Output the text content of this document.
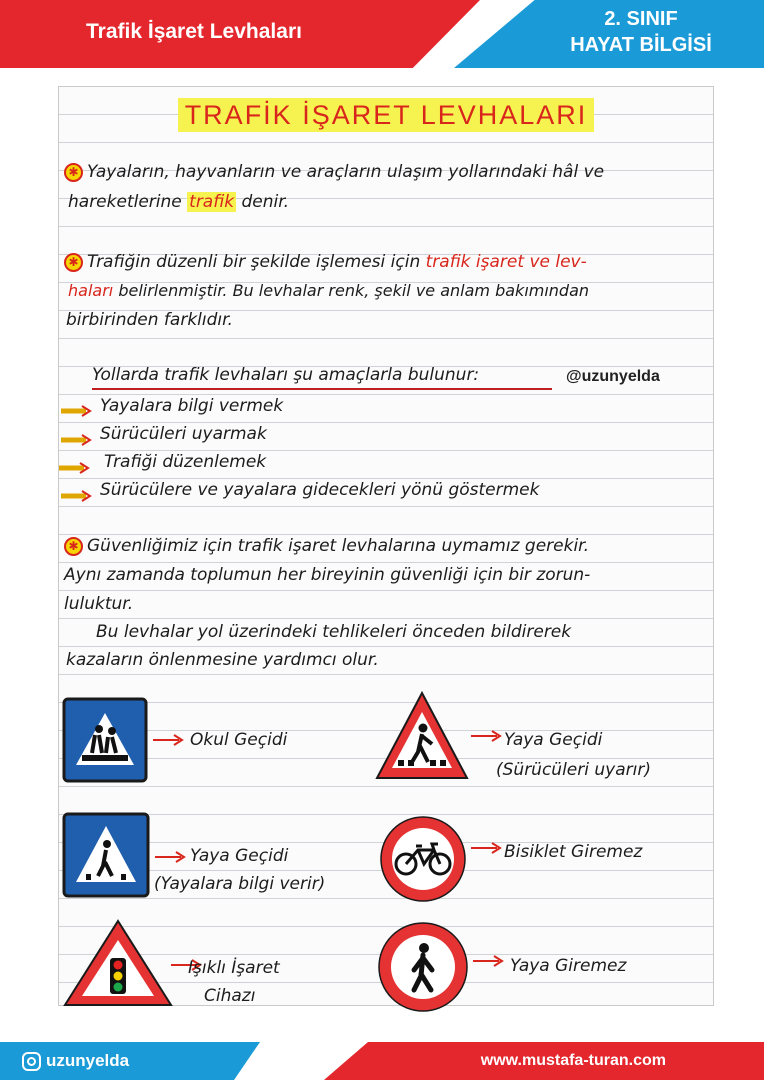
Trafik İşaret Levhaları
2. SINIF
HAYAT BİLGİSİ
TRAFİK İŞARET LEVHALARI
✱ Yayaların, hayvanların ve araçların ulaşım yollarındaki hâl ve
hareketlerine trafik denir.
✱ Trafiğin düzenli bir şekilde işlemesi için trafik işaret ve lev-
haları belirlenmiştir. Bu levhalar renk, şekil ve anlam bakımından
birbirinden farklıdır.
Yollarda trafik levhaları şu amaçlarla bulunur:	@uzunyelda
Yayalara bilgi vermek
Sürücüleri uyarmak
Trafiği düzenlemek
Sürücülere ve yayalara gidecekleri yönü göstermek
✱ Güvenliğimiz için trafik işaret levhalarına uymamız gerekir.
Aynı zamanda toplumun her bireyinin güvenliği için bir zorun-
luluktur.
Bu levhalar yol üzerindeki tehlikeleri önceden bildirerek
kazaların önlenmesine yardımcı olur.
Okul Geçidi	Yaya Geçidi
(Sürücüleri uyarır)
Yaya Geçidi
(Yayalara bilgi verir)
Bisiklet Giremez
Işıklı İşaret
Cihazı
Yaya Giremez
uzunyelda	www.mustafa-turan.com
